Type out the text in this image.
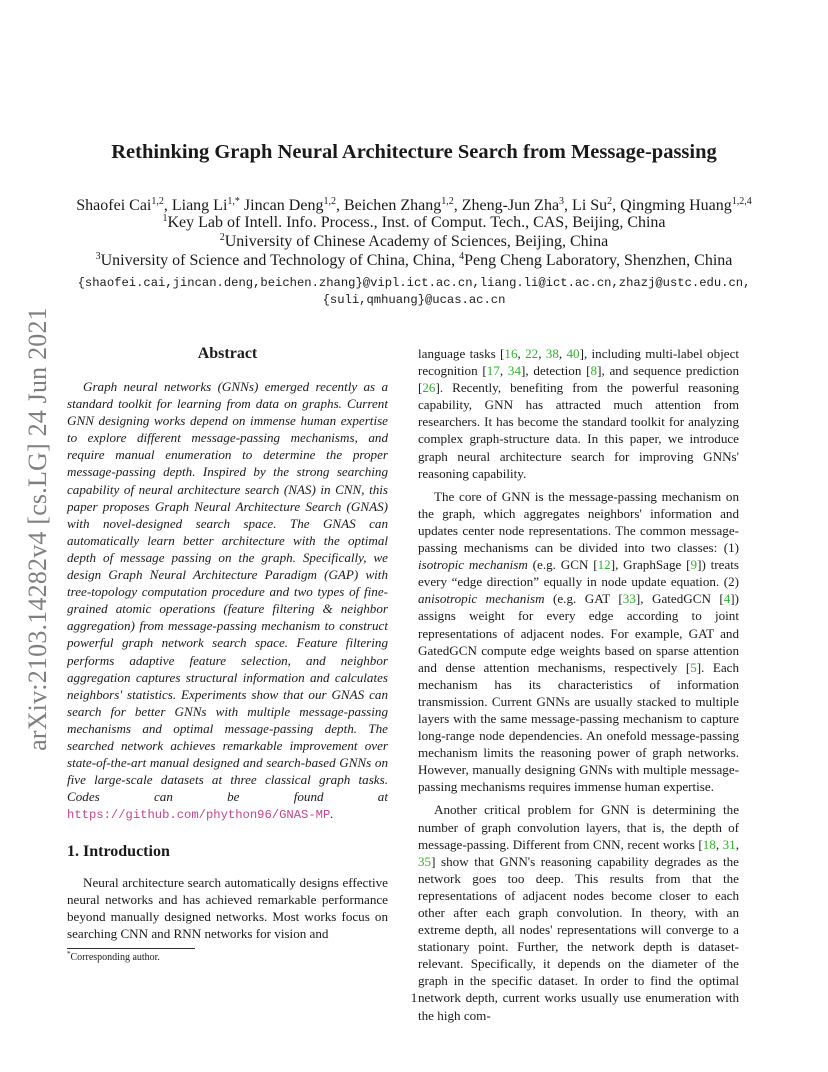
arXiv:2103.14282v4 [cs.LG] 24 Jun 2021
Rethinking Graph Neural Architecture Search from Message-passing
Shaofei Cai$^{1,2}$, Liang $Li^{1,*}$ Jincan Deng$^{1,2}$, Beichen Zhang$^{1,2}$, Zheng-Jun Zha$^3$, Li Su$^2$, Qingming Huang$^{1,2,4}$
$^1$Key Lab of Intell. Info. Process., Inst. of Comput. Tech., CAS, Beijing, China
$^2$University of Chinese Academy of Sciences, Beijing, China
$^3$University of Science and Technology of China, China, $^4$Peng Cheng Laboratory, Shenzhen, China
{shaofei.cai,jincan.deng,beichen.zhang}@vipl.ict.ac.cn,liang.li@ict.ac.cn,zhazj@ustc.edu.cn,
{suli,qmhuang}@ucas.ac.cn
Abstract

Graph neural networks (GNNs) emerged recently as a standard toolkit for learning from data on graphs. Current GNN designing works depend on immense human expertise to explore different message-passing mechanisms, and require manual enumeration to determine the proper message-passing depth. Inspired by the strong searching capability of neural architecture search (NAS) in CNN, this paper proposes Graph Neural Architecture Search (GNAS) with novel-designed search space. The GNAS can automatically learn better architecture with the optimal depth of message passing on the graph. Specifically, we design Graph Neural Architecture Paradigm (GAP) with tree-topology computation procedure and two types of fine-grained atomic operations (feature filtering & neighbor aggregation) from message-passing mechanism to construct powerful graph network search space. Feature filtering performs adaptive feature selection, and neighbor aggregation captures structural information and calculates neighbors' statistics. Experiments show that our GNAS can search for better GNNs with multiple message-passing mechanisms and optimal message-passing depth. The searched network achieves remarkable improvement over state-of-the-art manual designed and search-based GNNs on five large-scale datasets at three classical graph tasks. Codes can be found at https://github.com/phython96/GNAS-MP.

1. Introduction

Neural architecture search automatically designs effective neural networks and has achieved remarkable performance beyond manually designed networks. Most works focus on searching CNN and RNN networks for vision and

*Corresponding author.

language tasks [16, 22, 38, 40], including multi-label object recognition [17, 34], detection [8], and sequence prediction [26]. Recently, benefiting from the powerful reasoning capability, GNN has attracted much attention from researchers. It has become the standard toolkit for analyzing complex graph-structure data. In this paper, we introduce graph neural architecture search for improving GNNs' reasoning capability.

The core of GNN is the message-passing mechanism on the graph, which aggregates neighbors' information and updates center node representations. The common message-passing mechanisms can be divided into two classes: (1) isotropic mechanism (e.g. GCN [12], GraphSage [9]) treats every “edge direction” equally in node update equation. (2) anisotropic mechanism (e.g. GAT [33], GatedGCN [4]) assigns weight for every edge according to joint representations of adjacent nodes. For example, GAT and GatedGCN compute edge weights based on sparse attention and dense attention mechanisms, respectively [5]. Each mechanism has its characteristics of information transmission. Current GNNs are usually stacked to multiple layers with the same message-passing mechanism to capture long-range node dependencies. An onefold message-passing mechanism limits the reasoning power of graph networks. However, manually designing GNNs with multiple message-passing mechanisms requires immense human expertise.

Another critical problem for GNN is determining the number of graph convolution layers, that is, the depth of message-passing. Different from CNN, recent works [18, 31, 35] show that GNN's reasoning capability degrades as the network goes too deep. This results from that the representations of adjacent nodes become closer to each other after each graph convolution. In theory, with an extreme depth, all nodes' representations will converge to a stationary point. Further, the network depth is dataset-relevant. Specifically, it depends on the diameter of the graph in the specific dataset. In order to find the optimal network depth, current works usually use enumeration with the high com-

1
